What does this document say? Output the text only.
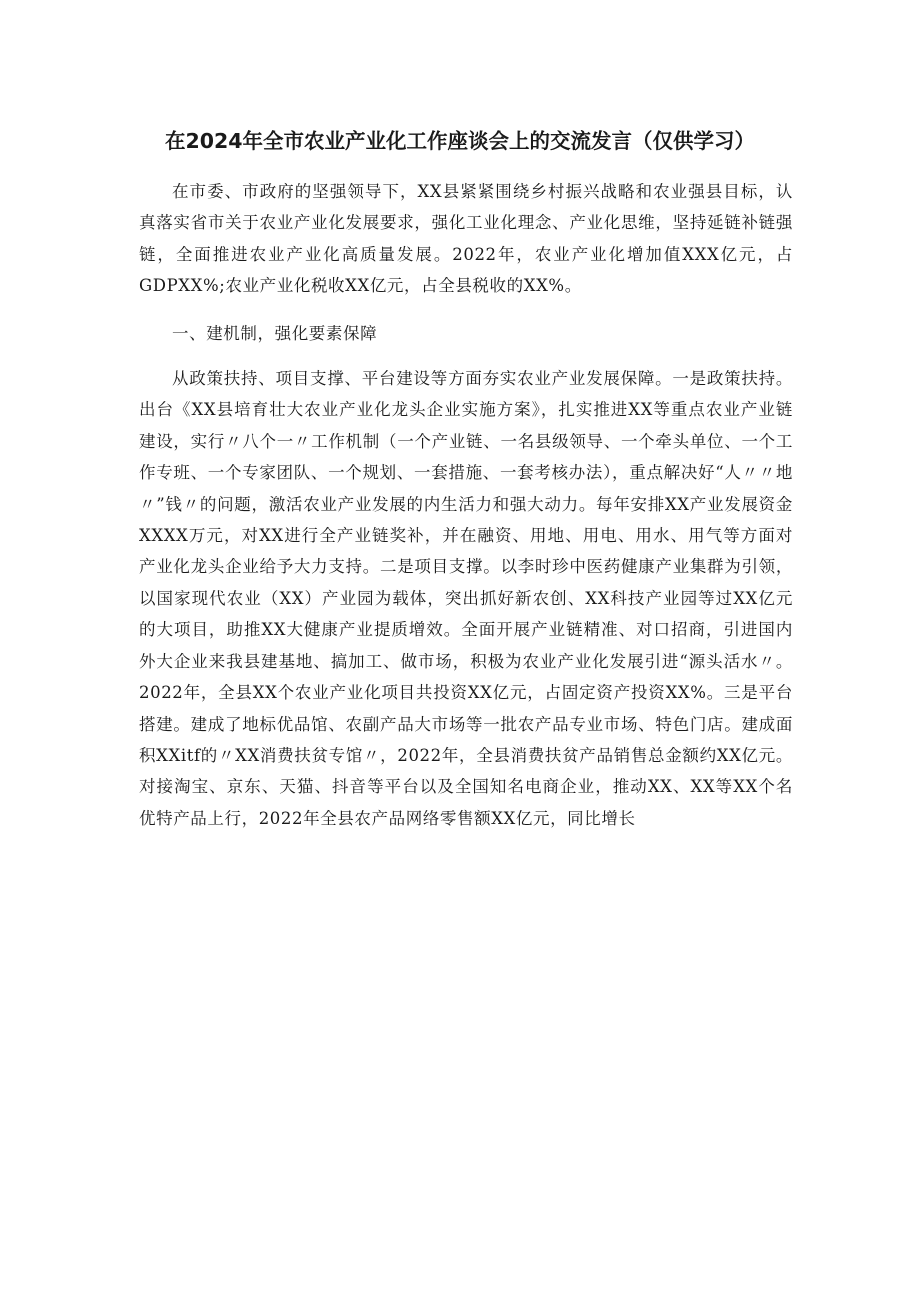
在2024年全市农业产业化工作座谈会上的交流发言（仅供学习）

在市委、市政府的坚强领导下，XX县紧紧围绕乡村振兴战略和农业强县目标，认真落实省市关于农业产业化发展要求，强化工业化理念、产业化思维，坚持延链补链强链，全面推进农业产业化高质量发展。2022年，农业产业化增加值XXX亿元，占GDPXX%;农业产业化税收XX亿元，占全县税收的XX%。

一、建机制，强化要素保障

从政策扶持、项目支撑、平台建设等方面夯实农业产业发展保障。一是政策扶持。出台《XX县培育壮大农业产业化龙头企业实施方案》，扎实推进XX等重点农业产业链建设，实行〃八个一〃工作机制（一个产业链、一名县级领导、一个牵头单位、一个工作专班、一个专家团队、一个规划、一套措施、一套考核办法），重点解决好“人〃〃地〃”钱〃的问题，激活农业产业发展的内生活力和强大动力。每年安排XX产业发展资金XXXX万元，对XX进行全产业链奖补，并在融资、用地、用电、用水、用气等方面对产业化龙头企业给予大力支持。二是项目支撑。以李时珍中医药健康产业集群为引领，以国家现代农业（XX）产业园为载体，突出抓好新农创、XX科技产业园等过XX亿元的大项目，助推XX大健康产业提质增效。全面开展产业链精准、对口招商，引进国内外大企业来我县建基地、搞加工、做市场，积极为农业产业化发展引进“源头活水〃。2022年，全县XX个农业产业化项目共投资XX亿元，占固定资产投资XX%。三是平台搭建。建成了地标优品馆、农副产品大市场等一批农产品专业市场、特色门店。建成面积XXitf的〃XX消费扶贫专馆〃，2022年，全县消费扶贫产品销售总金额约XX亿元。对接淘宝、京东、天猫、抖音等平台以及全国知名电商企业，推动XX、XX等XX个名优特产品上行，2022年全县农产品网络零售额XX亿元，同比增长
